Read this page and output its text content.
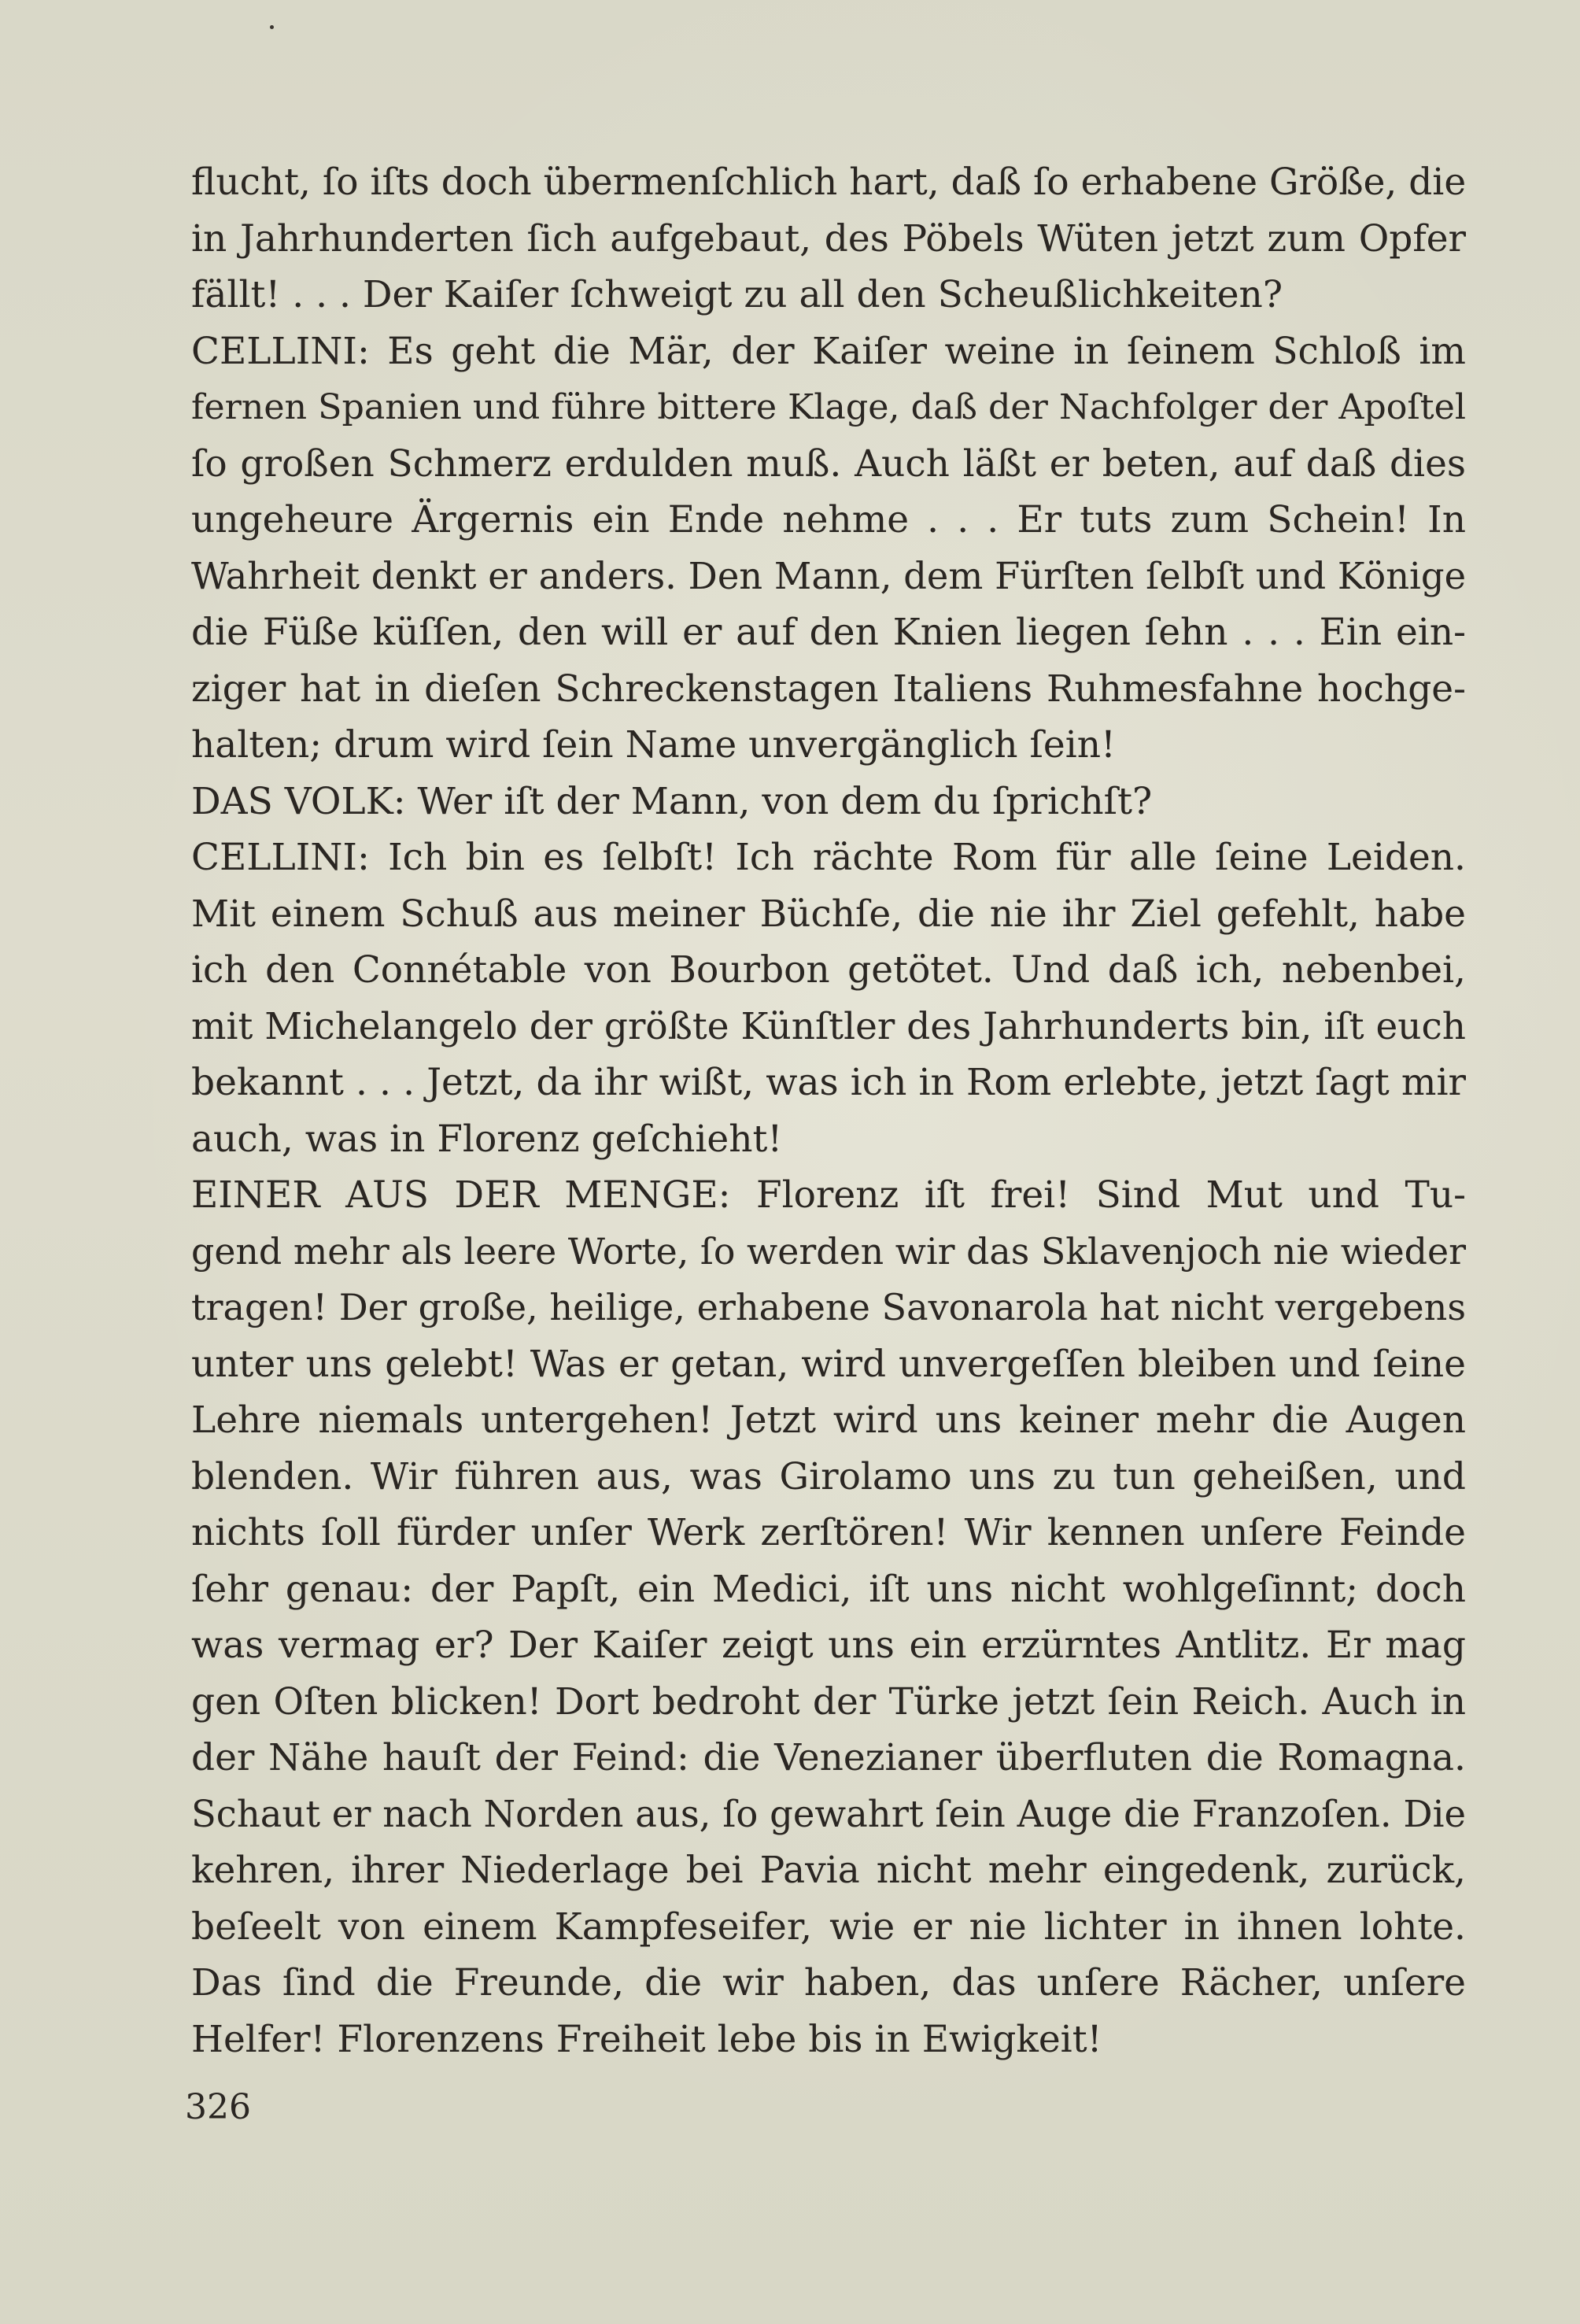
flucht, ſo iſts doch übermenſchlich hart, daß ſo erhabene Größe, die
in Jahrhunderten ſich aufgebaut, des Pöbels Wüten jetzt zum Opfer
fällt! . . . Der Kaiſer ſchweigt zu all den Scheußlichkeiten?
CELLINI: Es geht die Mär, der Kaiſer weine in ſeinem Schloß im
fernen Spanien und führe bittere Klage, daß der Nachfolger der Apoſtel
ſo großen Schmerz erdulden muß. Auch läßt er beten, auf daß dies
ungeheure Ärgernis ein Ende nehme . . . Er tuts zum Schein! In
Wahrheit denkt er anders. Den Mann, dem Fürſten ſelbſt und Könige
die Füße küſſen, den will er auf den Knien liegen ſehn . . . Ein ein-
ziger hat in dieſen Schreckenstagen Italiens Ruhmesfahne hochge-
halten; drum wird ſein Name unvergänglich ſein!
DAS VOLK: Wer iſt der Mann, von dem du ſprichſt?
CELLINI: Ich bin es ſelbſt! Ich rächte Rom für alle ſeine Leiden.
Mit einem Schuß aus meiner Büchſe, die nie ihr Ziel gefehlt, habe
ich den Connétable von Bourbon getötet. Und daß ich, nebenbei,
mit Michelangelo der größte Künſtler des Jahrhunderts bin, iſt euch
bekannt . . . Jetzt, da ihr wißt, was ich in Rom erlebte, jetzt ſagt mir
auch, was in Florenz geſchieht!
EINER AUS DER MENGE: Florenz iſt frei! Sind Mut und Tu-
gend mehr als leere Worte, ſo werden wir das Sklavenjoch nie wieder
tragen! Der große, heilige, erhabene Savonarola hat nicht vergebens
unter uns gelebt! Was er getan, wird unvergeſſen bleiben und ſeine
Lehre niemals untergehen! Jetzt wird uns keiner mehr die Augen
blenden. Wir führen aus, was Girolamo uns zu tun geheißen, und
nichts ſoll fürder unſer Werk zerſtören! Wir kennen unſere Feinde
ſehr genau: der Papſt, ein Medici, iſt uns nicht wohlgeſinnt; doch
was vermag er? Der Kaiſer zeigt uns ein erzürntes Antlitz. Er mag
gen Oſten blicken! Dort bedroht der Türke jetzt ſein Reich. Auch in
der Nähe hauſt der Feind: die Venezianer überfluten die Romagna.
Schaut er nach Norden aus, ſo gewahrt ſein Auge die Franzoſen. Die
kehren, ihrer Niederlage bei Pavia nicht mehr eingedenk, zurück,
beſeelt von einem Kampfeseifer, wie er nie lichter in ihnen lohte.
Das ſind die Freunde, die wir haben, das unſere Rächer, unſere
Helfer! Florenzens Freiheit lebe bis in Ewigkeit!
326
